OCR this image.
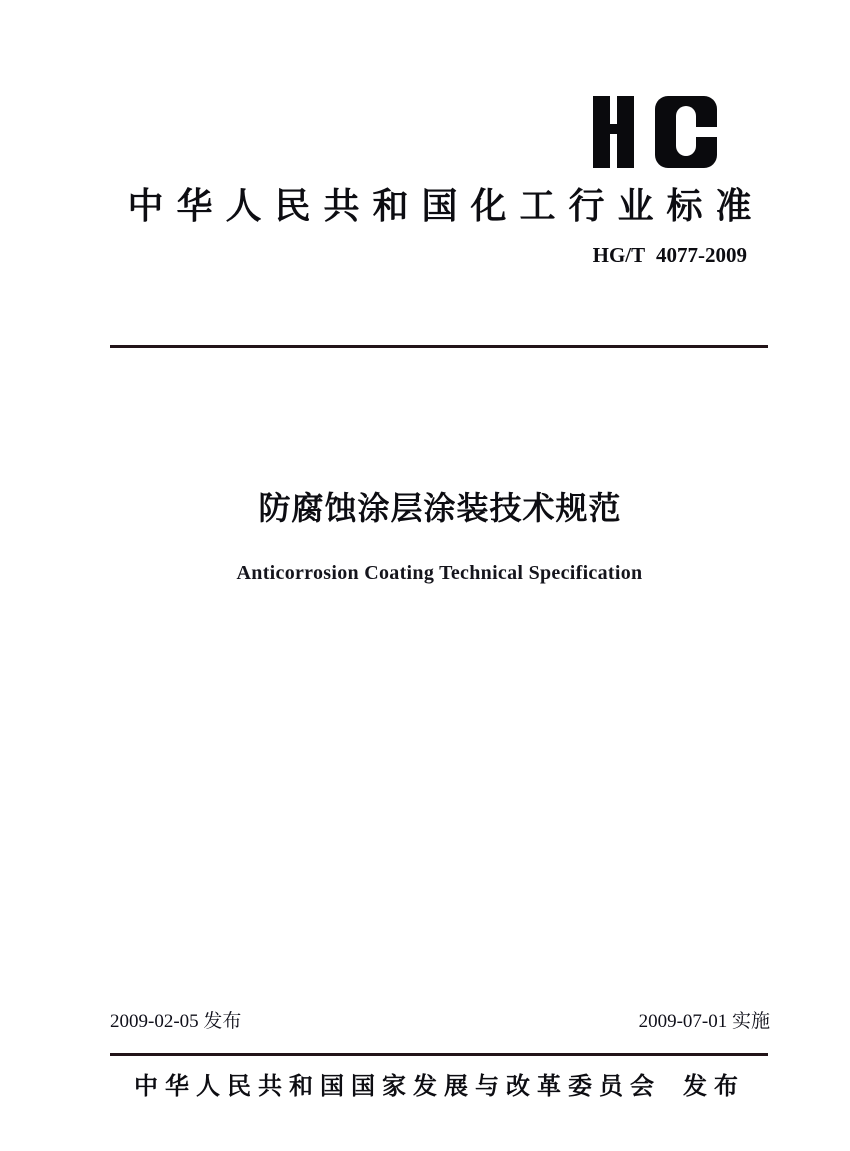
中华人民共和国化工行业标准
HG/T 4077-2009
防腐蚀涂层涂装技术规范
Anticorrosion Coating Technical Specification
2009-02-05 发布	2009-07-01 实施
中华人民共和国国家发展与改革委员会 发布
